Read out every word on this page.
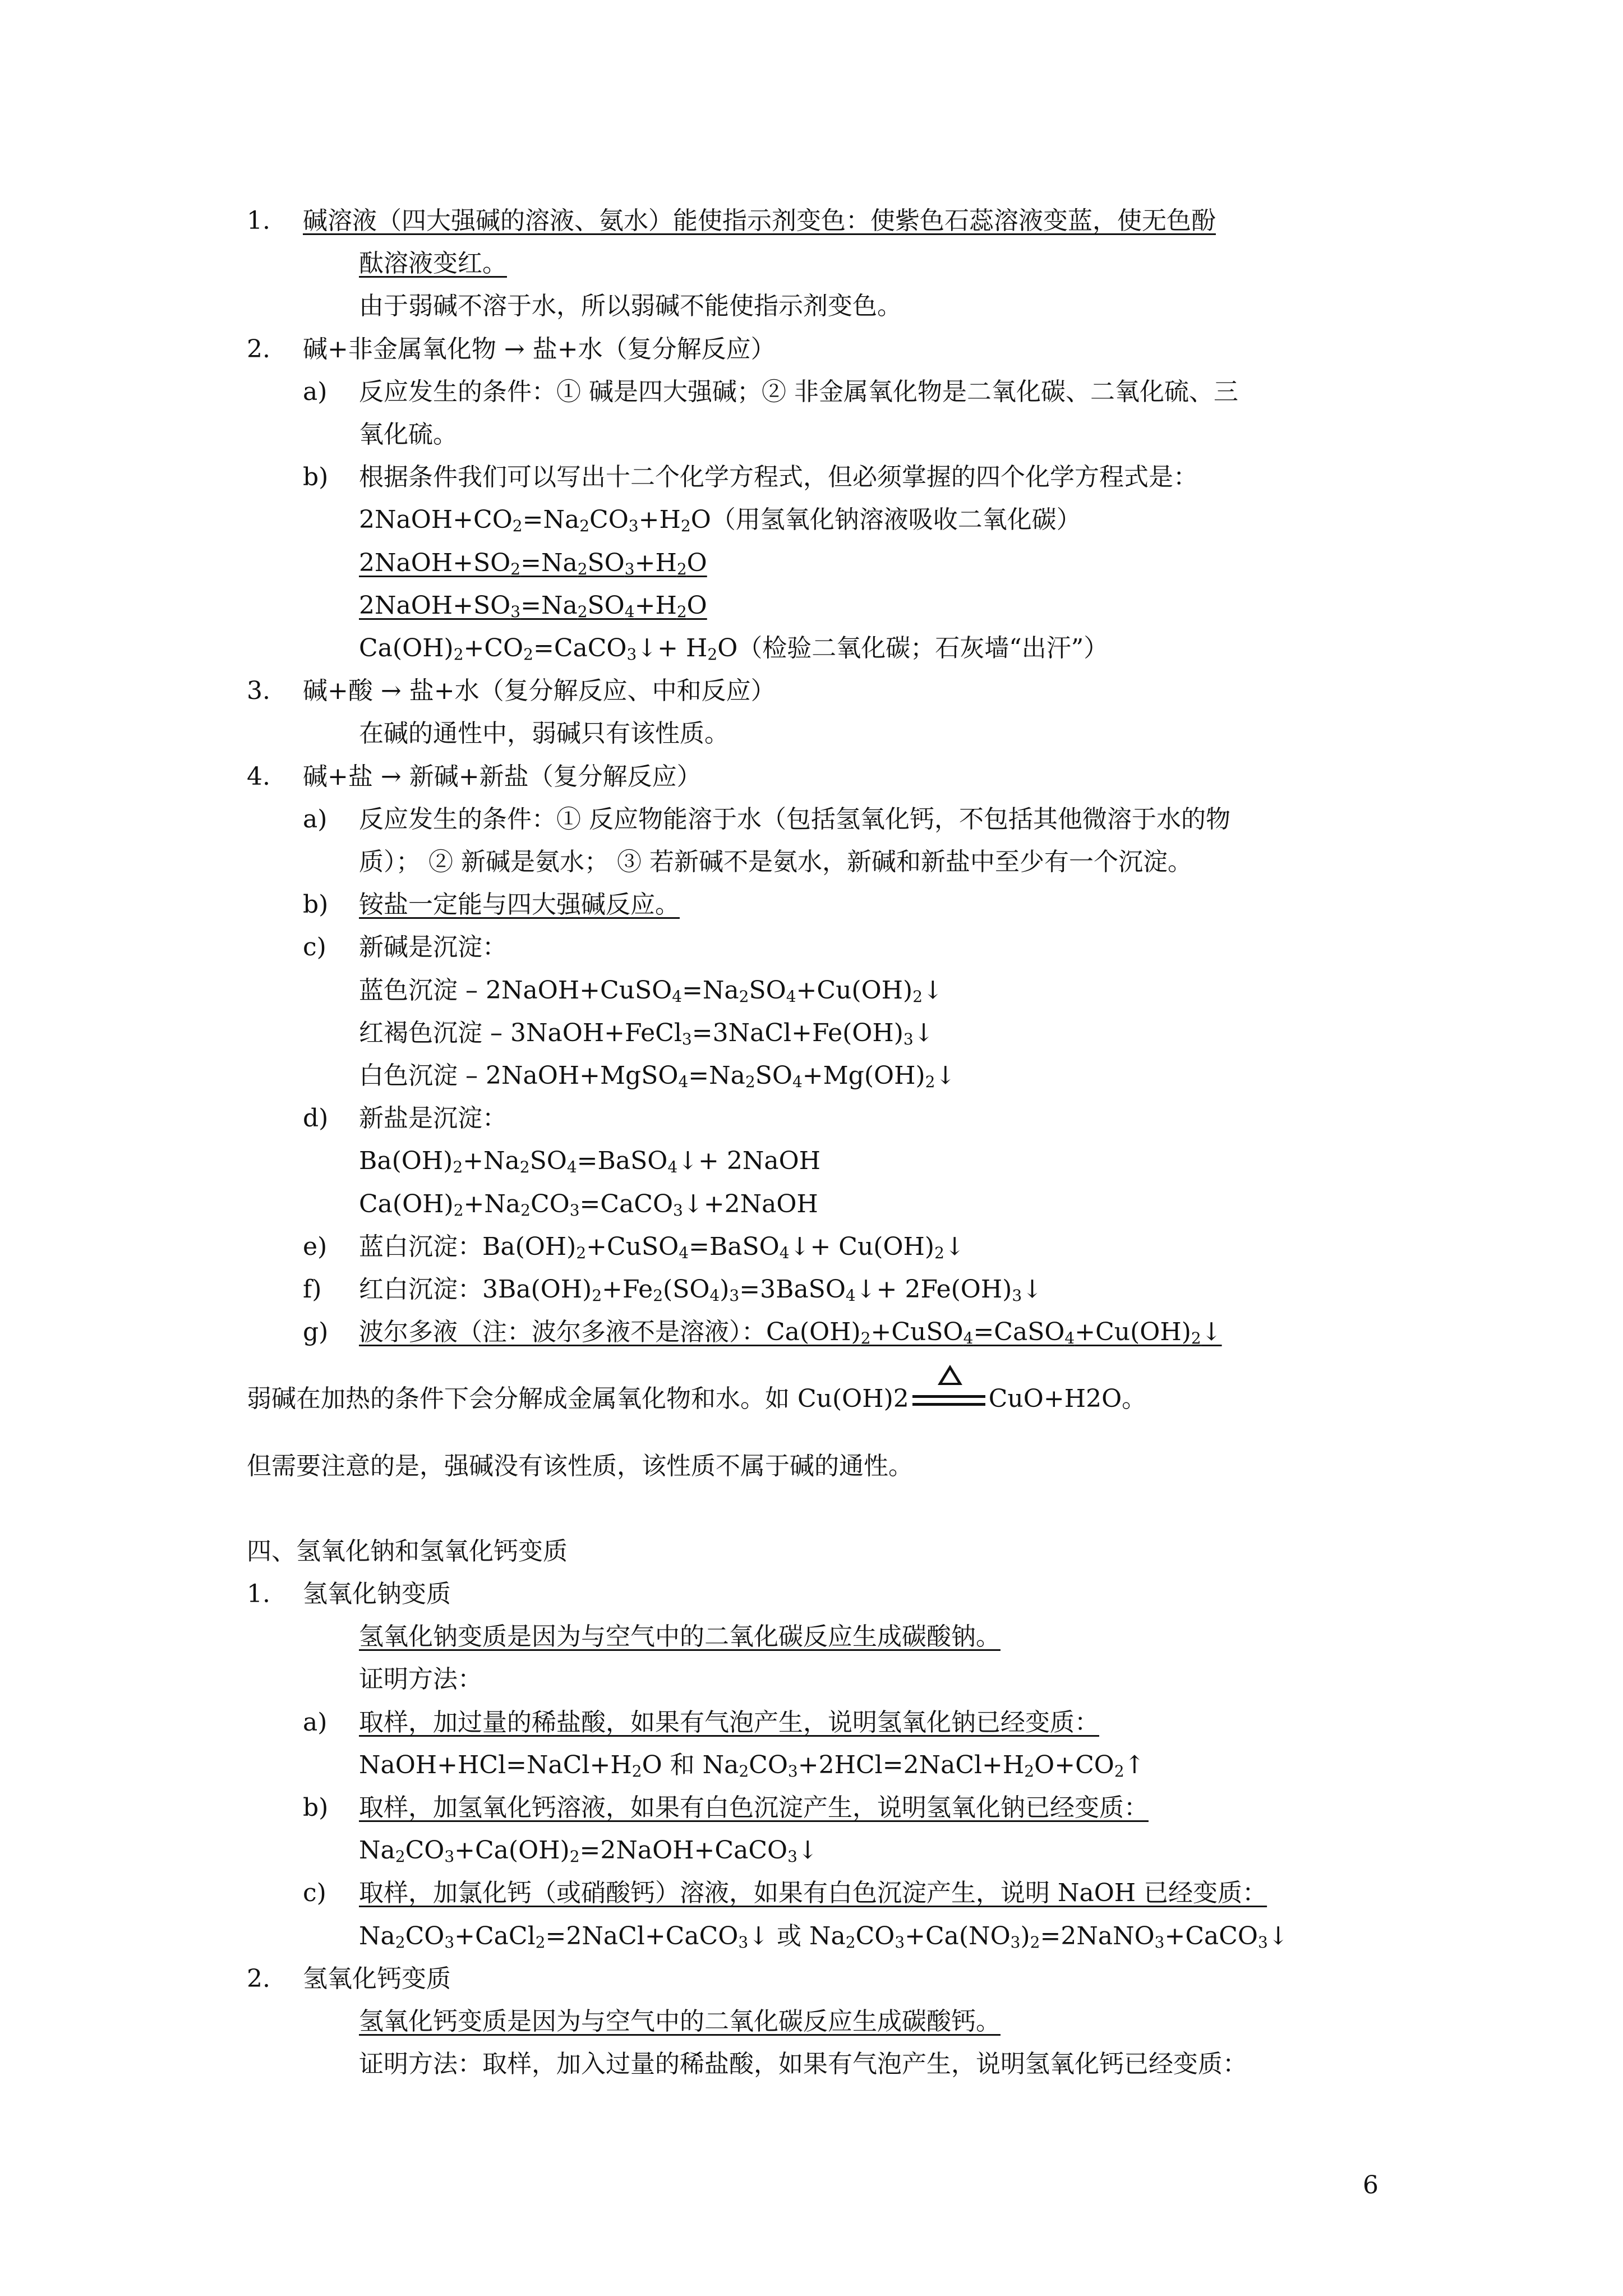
弱碱在加热的条件下会分解成金属氧化物和水。如 Cu(OH)2	CuO+H2O。
但需要注意的是，强碱没有该性质，该性质不属于碱的通性。
四、氢氧化钠和氢氧化钙变质
6
1. 碱溶液（四大强碱的溶液、氨水）能使指示剂变色：使紫色石蕊溶液变蓝，使无色酚
酞溶液变红。
由于弱碱不溶于水，所以弱碱不能使指示剂变色。
2. 碱+非金属氧化物 → 盐+水（复分解反应）
a) 反应发生的条件：① 碱是四大强碱；② 非金属氧化物是二氧化碳、二氧化硫、三
氧化硫。
b) 根据条件我们可以写出十二个化学方程式，但必须掌握的四个化学方程式是：
$2NaOH+CO_2=Na_2CO_3+H_2O$（用氢氧化钠溶液吸收二氧化碳）
$2NaOH+SO_2=Na_2SO_3+H_2O$
$2NaOH+SO_3=Na_2SO_4+H_2O$
$Ca(OH)_2+CO_2=CaCO_3↓+ H_2O$（检验二氧化碳；石灰墙“出汗”）
3. 碱+酸 → 盐+水（复分解反应、中和反应）
在碱的通性中，弱碱只有该性质。
4. 碱+盐 → 新碱+新盐（复分解反应）
a) 反应发生的条件：① 反应物能溶于水（包括氢氧化钙，不包括其他微溶于水的物
质）； ② 新碱是氨水； ③ 若新碱不是氨水，新碱和新盐中至少有一个沉淀。
b) 铵盐一定能与四大强碱反应。
c) 新碱是沉淀：
蓝色沉淀 – $2NaOH+CuSO_4=Na_2SO_4+Cu(OH)_2↓$
红褐色沉淀 – $3NaOH+FeCl_3=3NaCl+Fe(OH)_3↓$
白色沉淀 – $2NaOH+MgSO_4=Na_2SO_4+Mg(OH)_2↓$
d) 新盐是沉淀：
$Ba(OH)_2+Na_2SO_4=BaSO_4↓+$ 2NaOH
$Ca(OH)_2+Na_2CO_3=CaCO_3↓+2NaOH$
e) 蓝白沉淀：$Ba(OH)_2+CuSO_4=BaSO_4↓+$ $Cu(OH)_2↓$
f) 红白沉淀：$3Ba(OH)_2+Fe_2(SO_4)_3=3BaSO_4↓+$ $2Fe(OH)_3↓$
g) 波尔多液（注：波尔多液不是溶液）：$Ca(OH)_2+CuSO_4=CaSO_4+Cu(OH)_2↓$
1. 氢氧化钠变质
氢氧化钠变质是因为与空气中的二氧化碳反应生成碳酸钠。
证明方法：
a) 取样，加过量的稀盐酸，如果有气泡产生，说明氢氧化钠已经变质：
$NaOH+HCl=NaCl+H_2O$ 和 $Na_2CO_3+2HCl=2NaCl+H_2O+CO_2↑$
b) 取样，加氢氧化钙溶液，如果有白色沉淀产生，说明氢氧化钠已经变质：
$Na_2CO_3+Ca(OH)_2=2NaOH+CaCO_3↓$
c) 取样，加氯化钙（或硝酸钙）溶液，如果有白色沉淀产生，说明 NaOH 已经变质：
$Na_2CO_3+CaCl_2=2NaCl+CaCO_3↓$ 或 $Na_2CO_3+Ca(NO_3)_2=2NaNO_3+CaCO_3↓$
2. 氢氧化钙变质
氢氧化钙变质是因为与空气中的二氧化碳反应生成碳酸钙。
证明方法：取样，加入过量的稀盐酸，如果有气泡产生，说明氢氧化钙已经变质：
